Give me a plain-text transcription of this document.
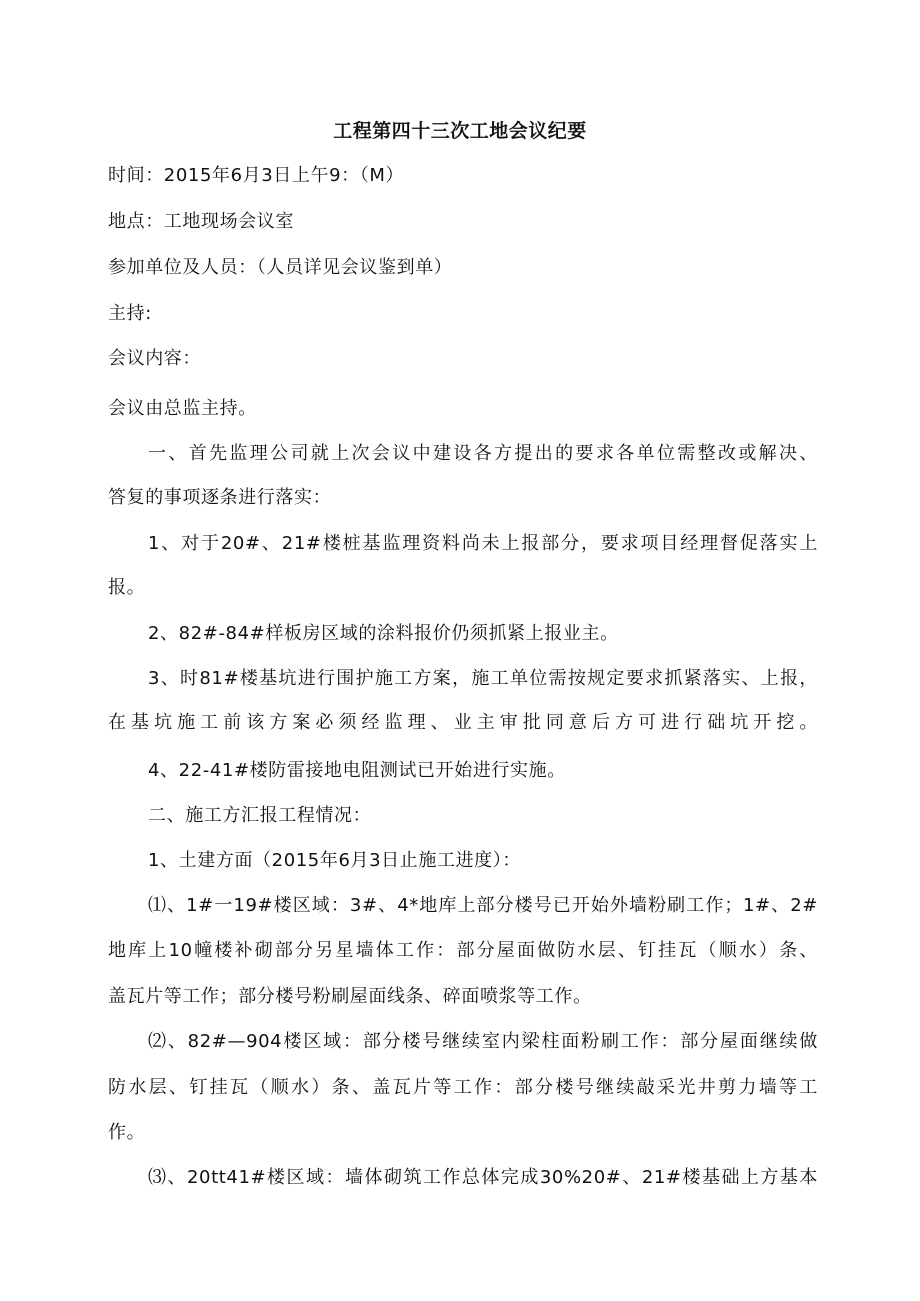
工程第四十三次工地会议纪要
时间：2015年6月3日上午9：（M）
地点：工地现场会议室
参加单位及人员：（人员详见会议鉴到单）
主持:
会议内容：
会议由总监主持。
一、首先监理公司就上次会议中建设各方提出的要求各单位需整改或解决、
答复的事项逐条进行落实：
1、对于20#、21#楼桩基监理资料尚未上报部分，要求项目经理督促落实上
报。
2、82#-84#样板房区域的涂料报价仍须抓紧上报业主。
3、时81#楼基坑进行围护施工方案，施工单位需按规定要求抓紧落实、上报，
在基坑施工前该方案必须经监理、业主审批同意后方可进行础坑开挖。
4、22-41#楼防雷接地电阻测试已开始进行实施。
二、施工方汇报工程情况：
1、土建方面（2015年6月3日止施工进度）：
⑴、1#一19#楼区域：3#、4*地库上部分楼号已开始外墙粉刷工作；1#、2#
地库上10幢楼补砌部分另星墙体工作：部分屋面做防水层、钉挂瓦（顺水）条、
盖瓦片等工作；部分楼号粉刷屋面线条、碎面喷浆等工作。
⑵、82#—904楼区域：部分楼号继续室内梁柱面粉刷工作：部分屋面继续做
防水层、钉挂瓦（顺水）条、盖瓦片等工作：部分楼号继续敲采光井剪力墙等工
作。
⑶、20tt41#楼区域：墙体砌筑工作总体完成30%20#、21#楼基础上方基本
